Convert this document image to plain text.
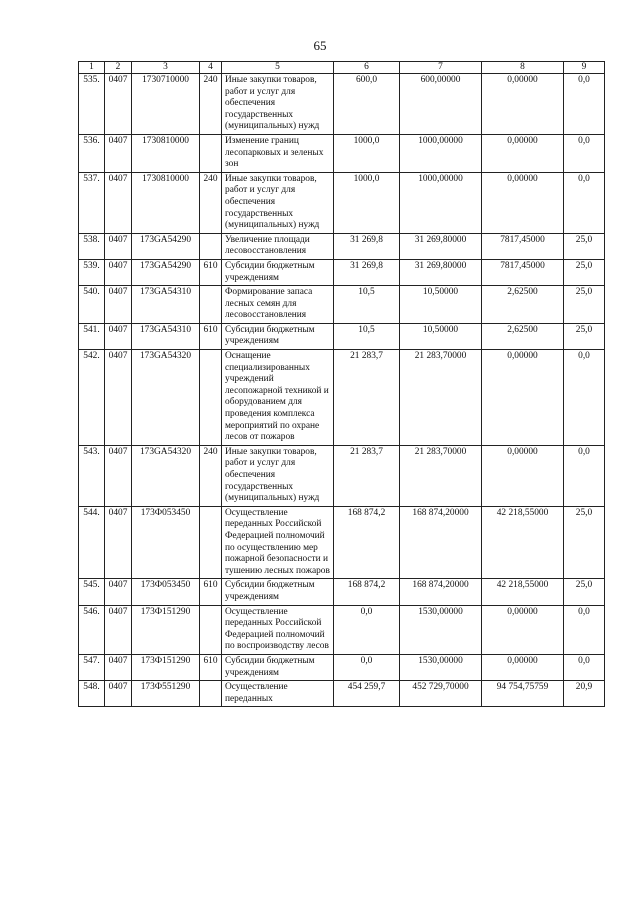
65
1	2	3	4	5	6	7	8	9
535.	0407	1730710000	240	Иные закупки товаров, работ и услуг для обеспечения государственных (муниципальных) нужд	600,0	600,00000	0,00000	0,0
536.	0407	1730810000		Изменение границ лесопарковых и зеленых зон	1000,0	1000,00000	0,00000	0,0
537.	0407	1730810000	240	Иные закупки товаров, работ и услуг для обеспечения государственных (муниципальных) нужд	1000,0	1000,00000	0,00000	0,0
538.	0407	173GA54290		Увеличение площади лесовосстановления	31 269,8	31 269,80000	7817,45000	25,0
539.	0407	173GA54290	610	Субсидии бюджетным учреждениям	31 269,8	31 269,80000	7817,45000	25,0
540.	0407	173GA54310		Формирование запаса лесных семян для лесовосстановления	10,5	10,50000	2,62500	25,0
541.	0407	173GA54310	610	Субсидии бюджетным учреждениям	10,5	10,50000	2,62500	25,0
542.	0407	173GA54320		Оснащение специализированных учреждений лесопожарной техникой и оборудованием для проведения комплекса мероприятий по охране лесов от пожаров	21 283,7	21 283,70000	0,00000	0,0
543.	0407	173GA54320	240	Иные закупки товаров, работ и услуг для обеспечения государственных (муниципальных) нужд	21 283,7	21 283,70000	0,00000	0,0
544.	0407	173Ф053450		Осуществление переданных Российской Федерацией полномочий по осуществлению мер пожарной безопасности и тушению лесных пожаров	168 874,2	168 874,20000	42 218,55000	25,0
545.	0407	173Ф053450	610	Субсидии бюджетным учреждениям	168 874,2	168 874,20000	42 218,55000	25,0
546.	0407	173Ф151290		Осуществление переданных Российской Федерацией полномочий по воспроизводству лесов	0,0	1530,00000	0,00000	0,0
547.	0407	173Ф151290	610	Субсидии бюджетным учреждениям	0,0	1530,00000	0,00000	0,0
548.	0407	173Ф551290		Осуществление переданных	454 259,7	452 729,70000	94 754,75759	20,9
